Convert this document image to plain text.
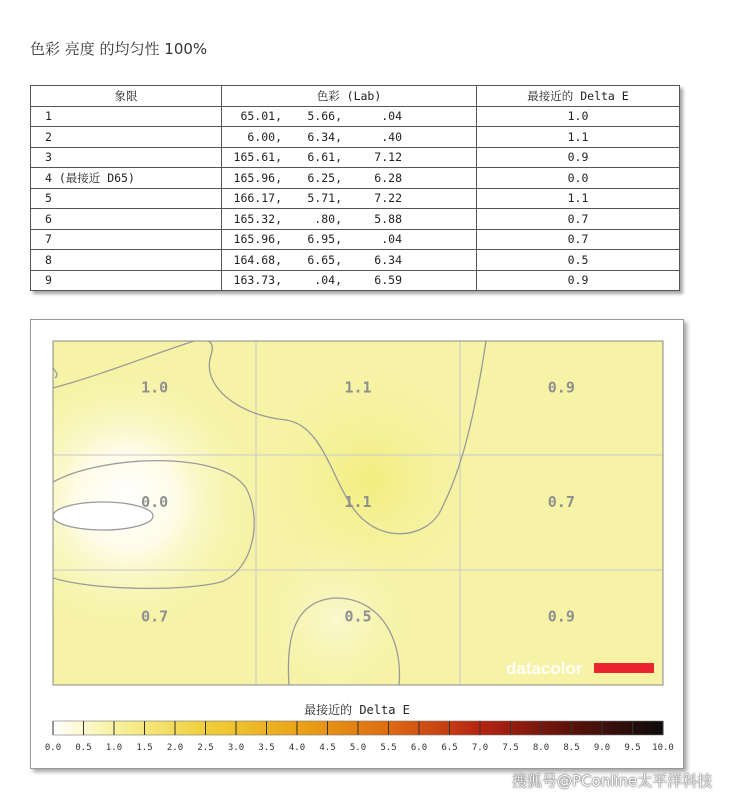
色彩 亮度 的均匀性 100%
象限	色彩 (Lab)	最接近的 Delta E
1	65.01, 5.66, .04	1.0
2	6.00, 6.34, .40	1.1
3	165.61, 6.61, 7.12	0.9
4 (最接近 D65)	165.96, 6.25, 6.28	0.0
5	166.17, 5.71, 7.22	1.1
6	165.32, .80, 5.88	0.7
7	165.96, 6.95, .04	0.7
8	164.68, 6.65, 6.34	0.5
9	163.73, .04, 6.59	0.9
1.0	1.1	0.9
0.0	1.1	0.7
0.7	0.5	0.9
datacolor
最接近的 Delta E
0.0 0.5 1.0 1.5 2.0 2.5 3.0 3.5 4.0 4.5 5.0 5.5 6.0 6.5 7.0 7.5 8.0 8.5 9.0 9.5 10.0
搜狐号@PConline太平洋科技
